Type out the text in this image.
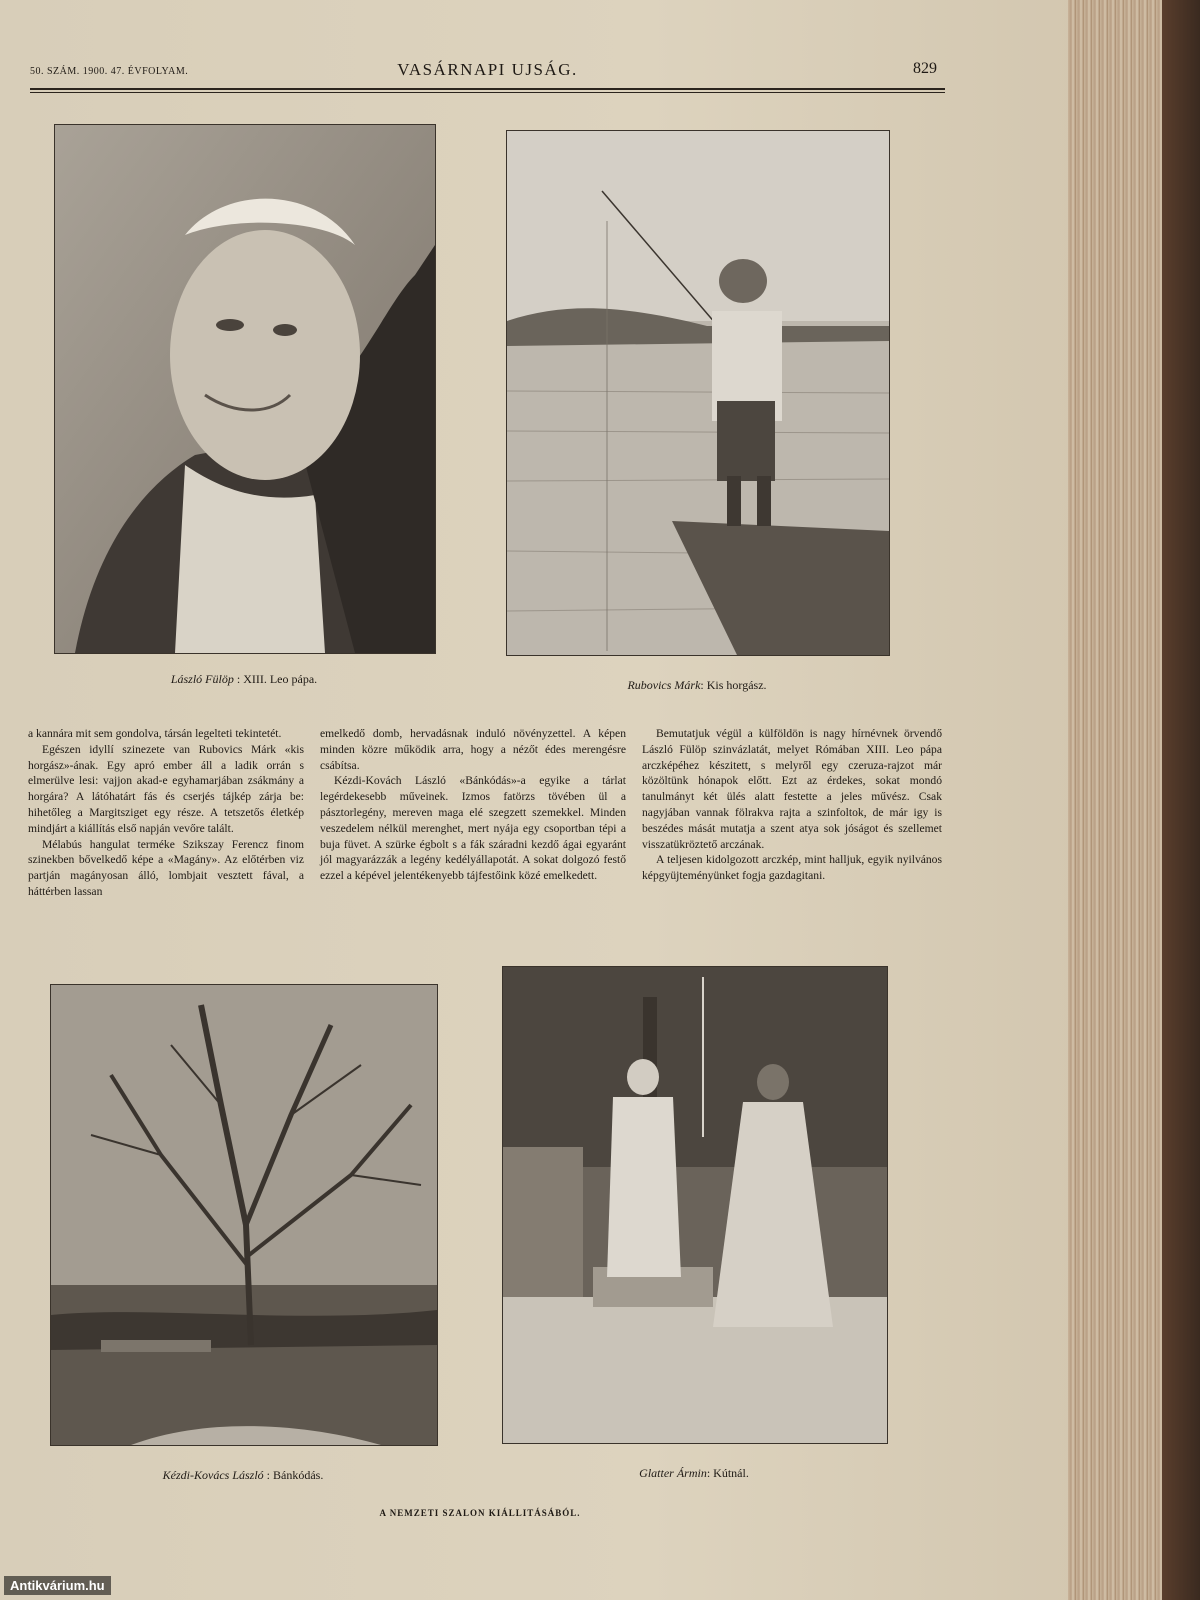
50. SZÁM. 1900. 47. ÉVFOLYAM.	VASÁRNAPI UJSÁG.	829
László Fülöp : XIII. Leo pápa.	Rubovics Márk: Kis horgász.

a kannára mit sem gondolva, társán legelteti tekintetét.

Egészen idyllí szinezete van Rubovics Márk «kis horgász»-ának. Egy apró ember áll a ladik orrán s elmerülve lesi: vajjon akad-e egyhamarjában zsákmány a horgára? A látóhatárt fás és cserjés tájkép zárja be: hihetőleg a Margitsziget egy része. A tetszetős életkép mindjárt a kiállítás első napján vevőre talált.

Mélabús hangulat terméke Szikszay Ferencz finom szinekben bővelkedő képe a «Magány». Az előtérben viz partján magányosan álló, lombjait vesztett fával, a háttérben lassan

emelkedő domb, hervadásnak induló növényzettel. A képen minden közre működik arra, hogy a nézőt édes merengésre csábítsa.

Kézdi-Kovách László «Bánkódás»-a egyike a tárlat legérdekesebb műveinek. Izmos fatörzs tövében ül a pásztorlegény, mereven maga elé szegzett szemekkel. Minden veszedelem nélkül merenghet, mert nyája egy csoportban tépi a buja füvet. A szürke égbolt s a fák száradni kezdő ágai egyaránt jól magyarázzák a legény kedélyállapotát. A sokat dolgozó festő ezzel a képével jelentékenyebb tájfestőink közé emelkedett.

Bemutatjuk végül a külföldön is nagy hírnévnek örvendő László Fülöp szinvázlatát, melyet Rómában XIII. Leo pápa arczképéhez készitett, s melyről egy czeruza-rajzot már közöltünk hónapok előtt. Ezt az érdekes, sokat mondó tanulmányt két ülés alatt festette a jeles művész. Csak nagyjában vannak fölrakva rajta a szinfoltok, de már igy is beszédes mását mutatja a szent atya sok jóságot és szellemet visszatükröztető arczának.

A teljesen kidolgozott arczkép, mint halljuk, egyik nyilvános képgyüjteményünket fogja gazdagitani.

Kézdi-Kovács László : Bánkódás.	Glatter Ármin: Kútnál.
A NEMZETI SZALON KIÁLLITÁSÁBÓL.
Antikvárium.hu
